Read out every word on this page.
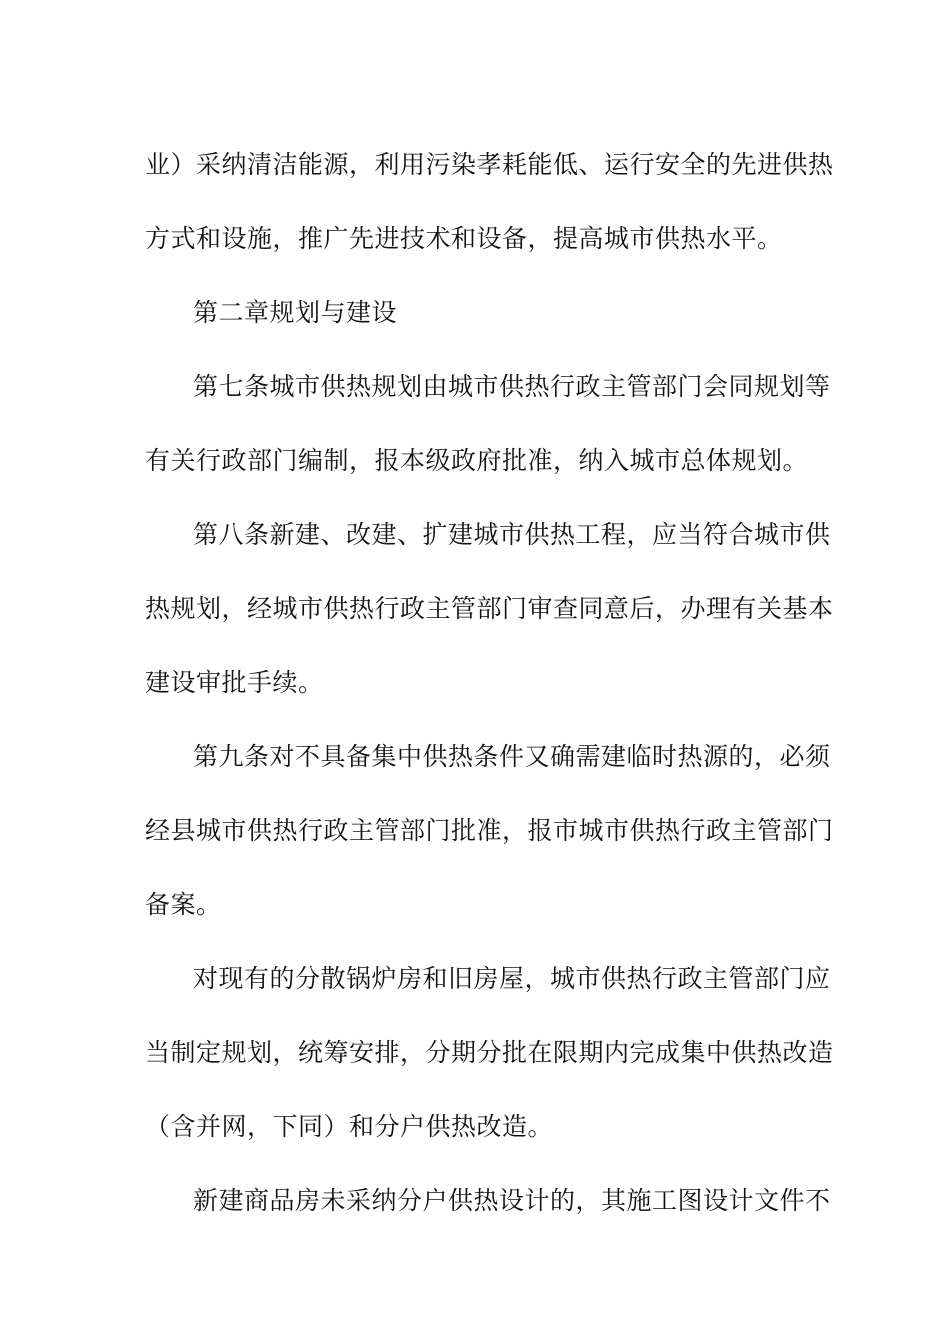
业）采纳清洁能源，利用污染孝耗能低、运行安全的先进供热
方式和设施，推广先进技术和设备，提高城市供热水平。
第二章规划与建设
第七条城市供热规划由城市供热行政主管部门会同规划等
有关行政部门编制，报本级政府批准，纳入城市总体规划。
第八条新建、改建、扩建城市供热工程，应当符合城市供
热规划，经城市供热行政主管部门审查同意后，办理有关基本
建设审批手续。
第九条对不具备集中供热条件又确需建临时热源的，必须
经县城市供热行政主管部门批准，报市城市供热行政主管部门
备案。
对现有的分散锅炉房和旧房屋，城市供热行政主管部门应
当制定规划，统筹安排，分期分批在限期内完成集中供热改造
（含并网，下同）和分户供热改造。
新建商品房未采纳分户供热设计的，其施工图设计文件不
